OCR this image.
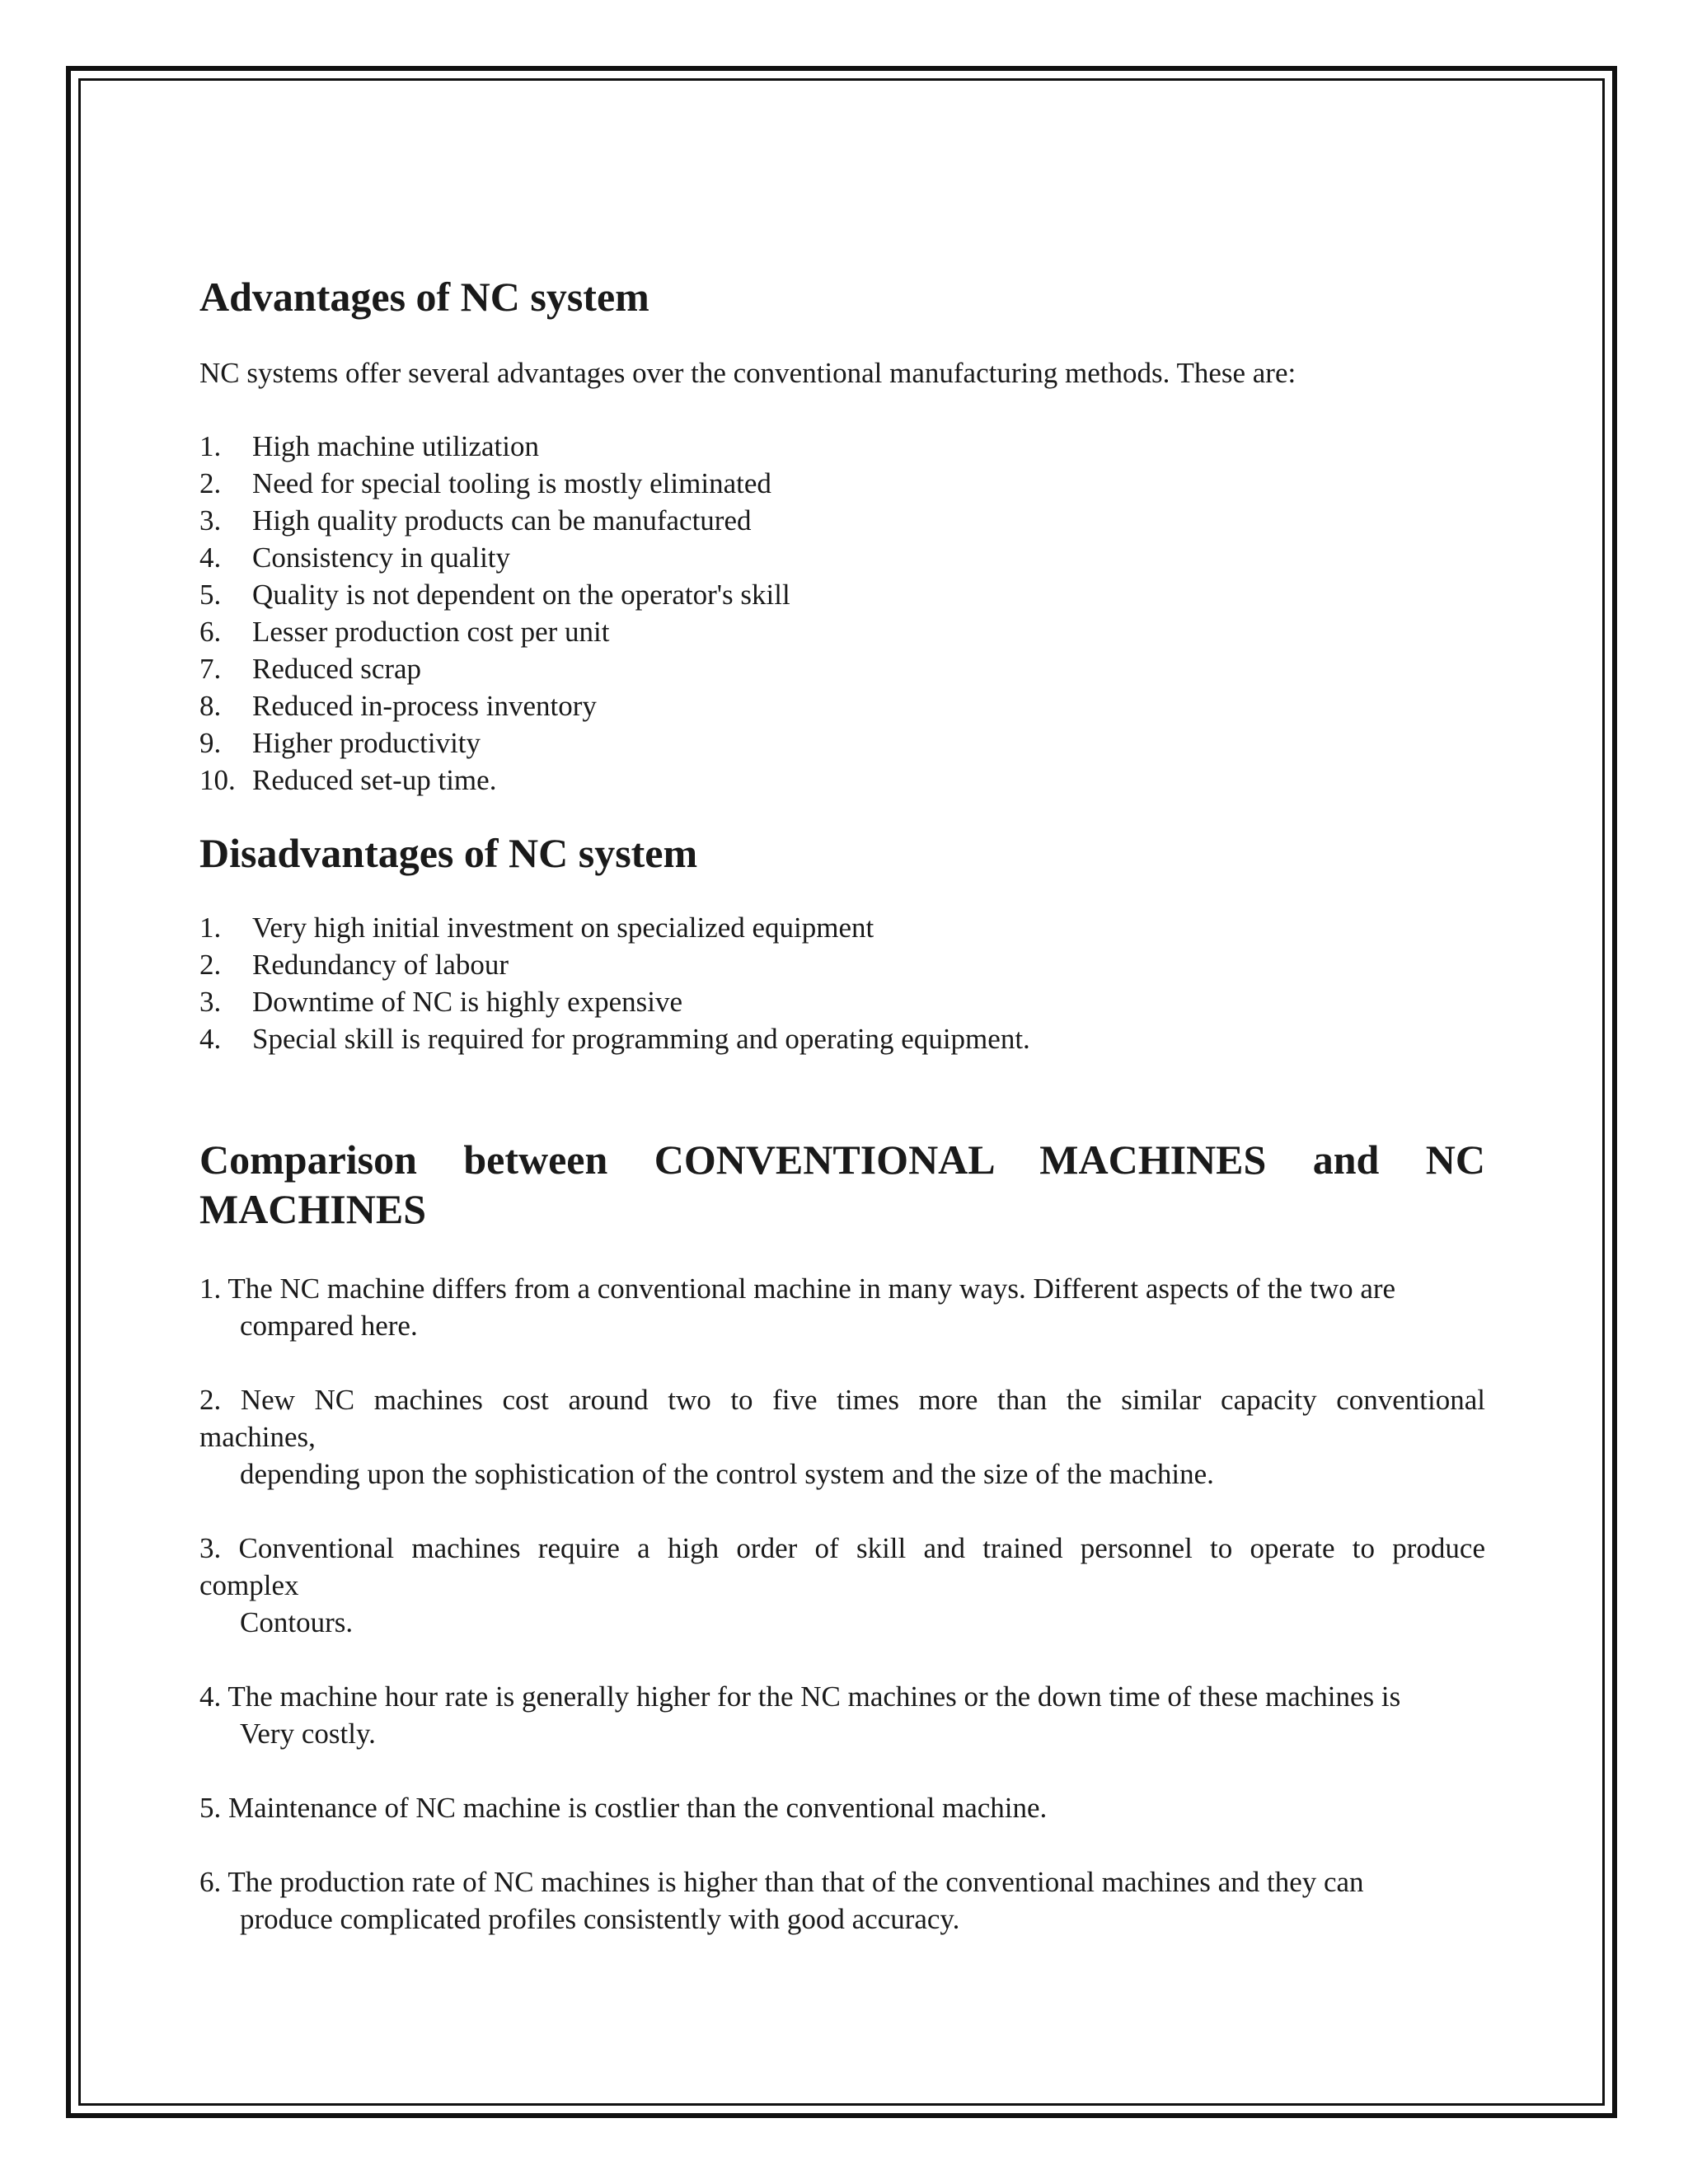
Advantages of NC system

NC systems offer several advantages over the conventional manufacturing methods. These are:

1.	High machine utilization
2.	Need for special tooling is mostly eliminated
3.	High quality products can be manufactured
4.	Consistency in quality
5.	Quality is not dependent on the operator's skill
6.	Lesser production cost per unit
7.	Reduced scrap
8.	Reduced in-process inventory
9.	Higher productivity
10. Reduced set-up time.
Disadvantages of NC system
1.	Very high initial investment on specialized equipment
2.	Redundancy of labour
3.	Downtime of NC is highly expensive
4.	Special skill is required for programming and operating equipment.
Comparison between CONVENTIONAL MACHINES and NC MACHINES

1. The NC machine differs from a conventional machine in many ways. Different aspects of the two are
compared here.

2. New NC machines cost around two to five times more than the similar capacity conventional
machines,
depending upon the sophistication of the control system and the size of the machine.

3. Conventional machines require a high order of skill and trained personnel to operate to produce
complex
Contours.

4. The machine hour rate is generally higher for the NC machines or the down time of these machines is
Very costly.

5. Maintenance of NC machine is costlier than the conventional machine.

6. The production rate of NC machines is higher than that of the conventional machines and they can
produce complicated profiles consistently with good accuracy.
